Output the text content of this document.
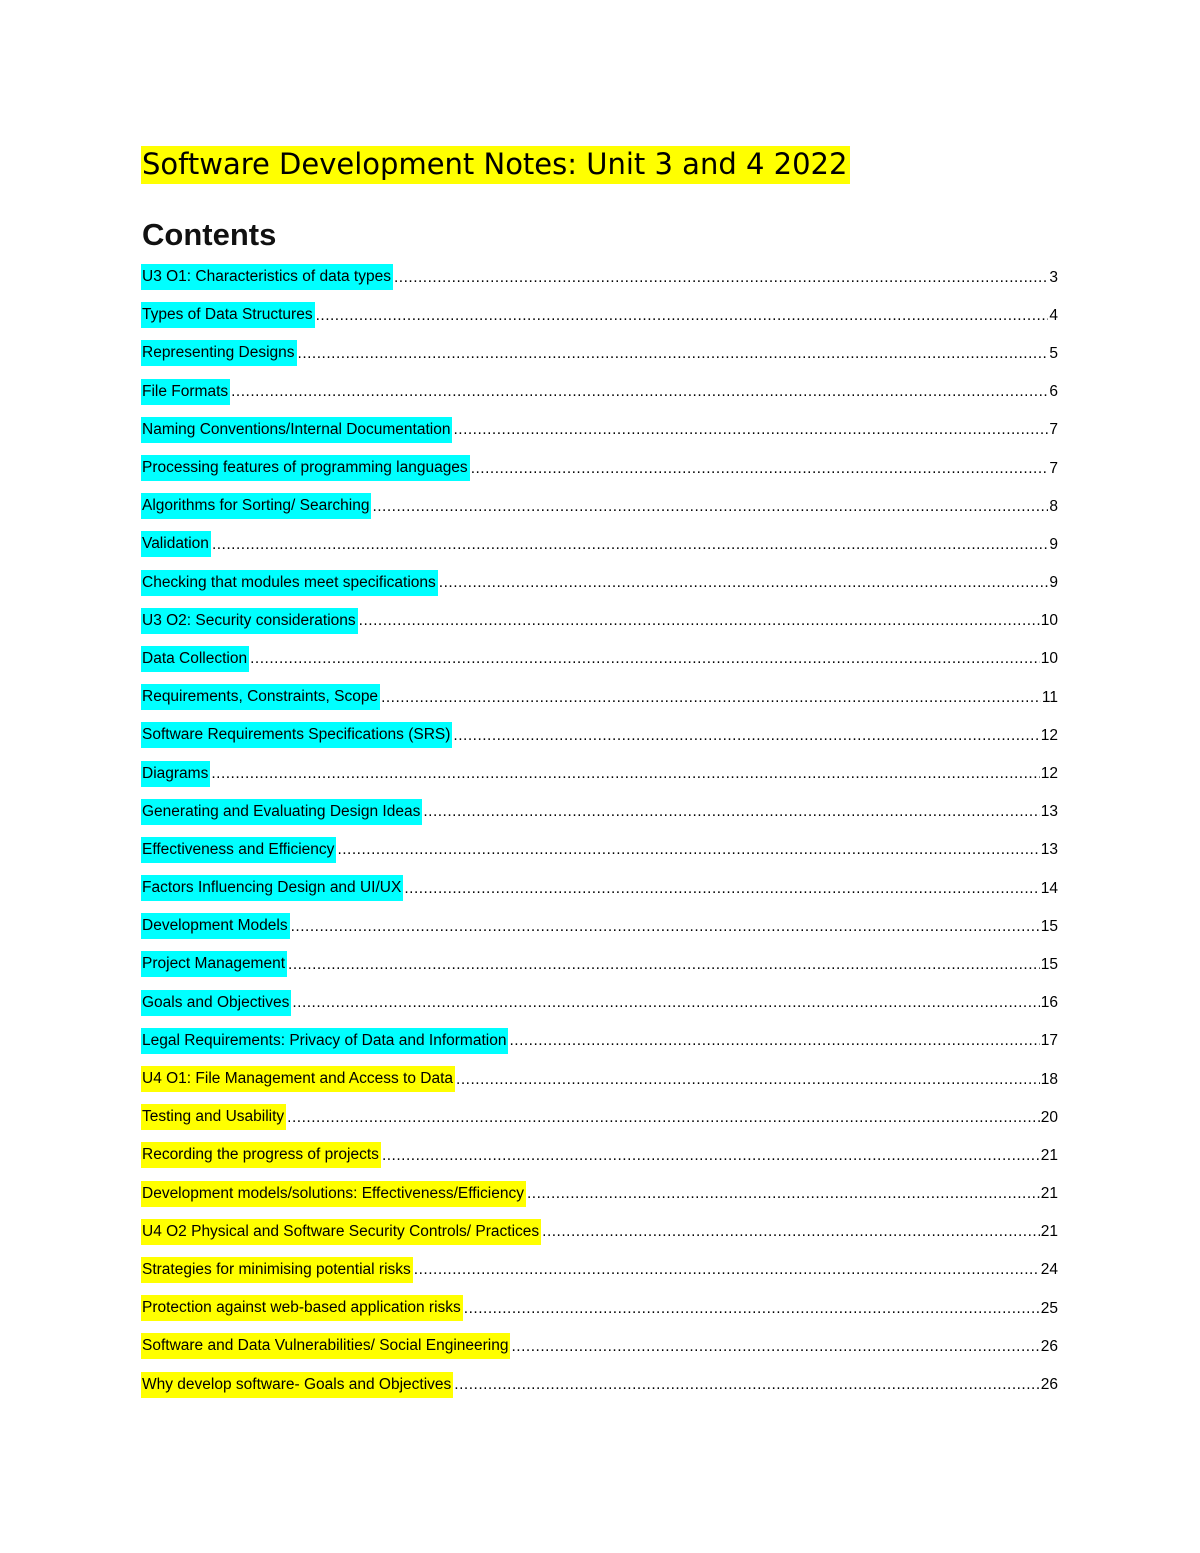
Software Development Notes: Unit 3 and 4 2022
Contents
U3 O1: Characteristics of data types .....	3
Types of Data Structures .....	4
Representing Designs .....	5
File Formats .....	6
Naming Conventions/Internal Documentation .....	7
Processing features of programming languages .....	7
Algorithms for Sorting/ Searching .....	8
Validation .....	9
Checking that modules meet specifications .....	9
U3 O2: Security considerations .....	10
Data Collection .....	10
Requirements, Constraints, Scope .....	11
Software Requirements Specifications (SRS) .....	12
Diagrams .....	12
Generating and Evaluating Design Ideas .....	13
Effectiveness and Efficiency .....	13
Factors Influencing Design and UI/UX .....	14
Development Models .....	15
Project Management .....	15
Goals and Objectives .....	16
Legal Requirements: Privacy of Data and Information .....	17
U4 O1: File Management and Access to Data .....	18
Testing and Usability .....	20
Recording the progress of projects .....	21
Development models/solutions: Effectiveness/Efficiency .....	21
U4 O2 Physical and Software Security Controls/ Practices .....	21
Strategies for minimising potential risks .....	24
Protection against web-based application risks .....	25
Software and Data Vulnerabilities/ Social Engineering .....	26
Why develop software- Goals and Objectives .....	26
